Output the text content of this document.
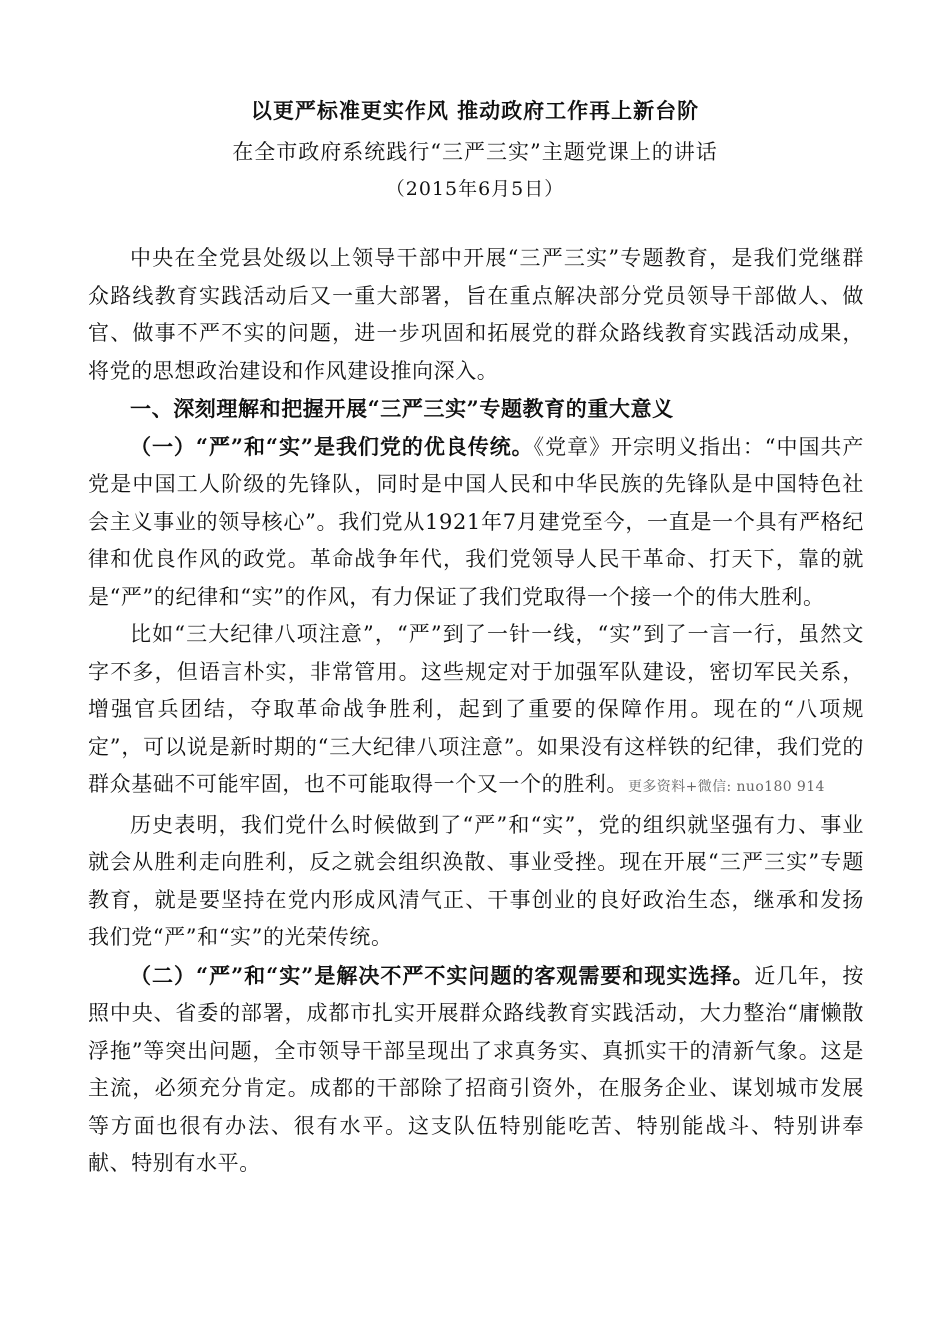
以更严标准更实作风 推动政府工作再上新台阶
在全市政府系统践行“三严三实”主题党课上的讲话
（2015年6月5日）

中央在全党县处级以上领导干部中开展“三严三实”专题教育，是我们党继群众路线教育实践活动后又一重大部署，旨在重点解决部分党员领导干部做人、做官、做事不严不实的问题，进一步巩固和拓展党的群众路线教育实践活动成果，将党的思想政治建设和作风建设推向深入。

一、深刻理解和把握开展“三严三实”专题教育的重大意义

（一）“严”和“实”是我们党的优良传统。《党章》开宗明义指出：“中国共产党是中国工人阶级的先锋队，同时是中国人民和中华民族的先锋队是中国特色社会主义事业的领导核心”。我们党从1921年7月建党至今，一直是一个具有严格纪律和优良作风的政党。革命战争年代，我们党领导人民干革命、打天下，靠的就是“严”的纪律和“实”的作风，有力保证了我们党取得一个接一个的伟大胜利。

比如“三大纪律八项注意”，“严”到了一针一线，“实”到了一言一行，虽然文字不多，但语言朴实，非常管用。这些规定对于加强军队建设，密切军民关系，增强官兵团结，夺取革命战争胜利，起到了重要的保障作用。现在的“八项规定”，可以说是新时期的“三大纪律八项注意”。如果没有这样铁的纪律，我们党的群众基础不可能牢固，也不可能取得一个又一个的胜利。更多资料+微信: nuo180 914

历史表明，我们党什么时候做到了“严”和“实”，党的组织就坚强有力、事业就会从胜利走向胜利，反之就会组织涣散、事业受挫。现在开展“三严三实”专题教育，就是要坚持在党内形成风清气正、干事创业的良好政治生态，继承和发扬我们党“严”和“实”的光荣传统。

（二）“严”和“实”是解决不严不实问题的客观需要和现实选择。近几年，按照中央、省委的部署，成都市扎实开展群众路线教育实践活动，大力整治“庸懒散浮拖”等突出问题，全市领导干部呈现出了求真务实、真抓实干的清新气象。这是主流，必须充分肯定。成都的干部除了招商引资外，在服务企业、谋划城市发展等方面也很有办法、很有水平。这支队伍特别能吃苦、特别能战斗、特别讲奉献、特别有水平。
